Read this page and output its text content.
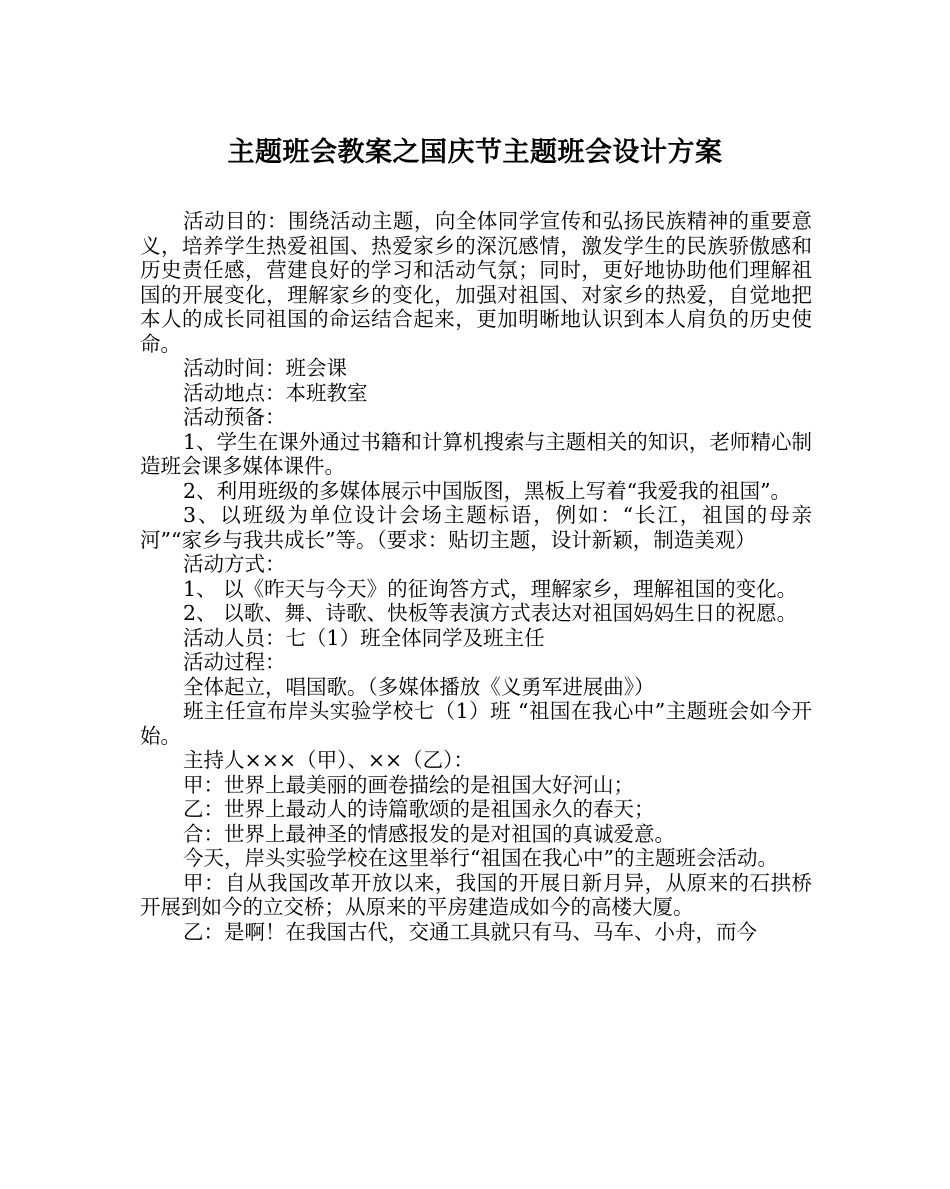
主题班会教案之国庆节主题班会设计方案

活动目的：围绕活动主题，向全体同学宣传和弘扬民族精神的重要意义，培养学生热爱祖国、热爱家乡的深沉感情，激发学生的民族骄傲感和历史责任感，营建良好的学习和活动气氛；同时，更好地协助他们理解祖国的开展变化，理解家乡的变化，加强对祖国、对家乡的热爱，自觉地把本人的成长同祖国的命运结合起来，更加明晰地认识到本人肩负的历史使命。

活动时间：班会课

活动地点：本班教室

活动预备：

1、学生在课外通过书籍和计算机搜索与主题相关的知识，老师精心制造班会课多媒体课件。

2、利用班级的多媒体展示中国版图，黑板上写着“我爱我的祖国”。

3、以班级为单位设计会场主题标语，例如：“长江，祖国的母亲河”“家乡与我共成长”等。（要求：贴切主题，设计新颖，制造美观）

活动方式：

1、 以《昨天与今天》的征询答方式，理解家乡，理解祖国的变化。

2、 以歌、舞、诗歌、快板等表演方式表达对祖国妈妈生日的祝愿。

活动人员：七（1）班全体同学及班主任

活动过程：

全体起立，唱国歌。（多媒体播放《义勇军进展曲》）

班主任宣布岸头实验学校七（1）班 “祖国在我心中”主题班会如今开始。

主持人×××（甲）、××（乙）：

甲：世界上最美丽的画卷描绘的是祖国大好河山；

乙：世界上最动人的诗篇歌颂的是祖国永久的春天；

合：世界上最神圣的情感报发的是对祖国的真诚爱意。

今天，岸头实验学校在这里举行“祖国在我心中”的主题班会活动。

甲：自从我国改革开放以来，我国的开展日新月异，从原来的石拱桥开展到如今的立交桥；从原来的平房建造成如今的高楼大厦。

乙：是啊！在我国古代，交通工具就只有马、马车、小舟，而今
